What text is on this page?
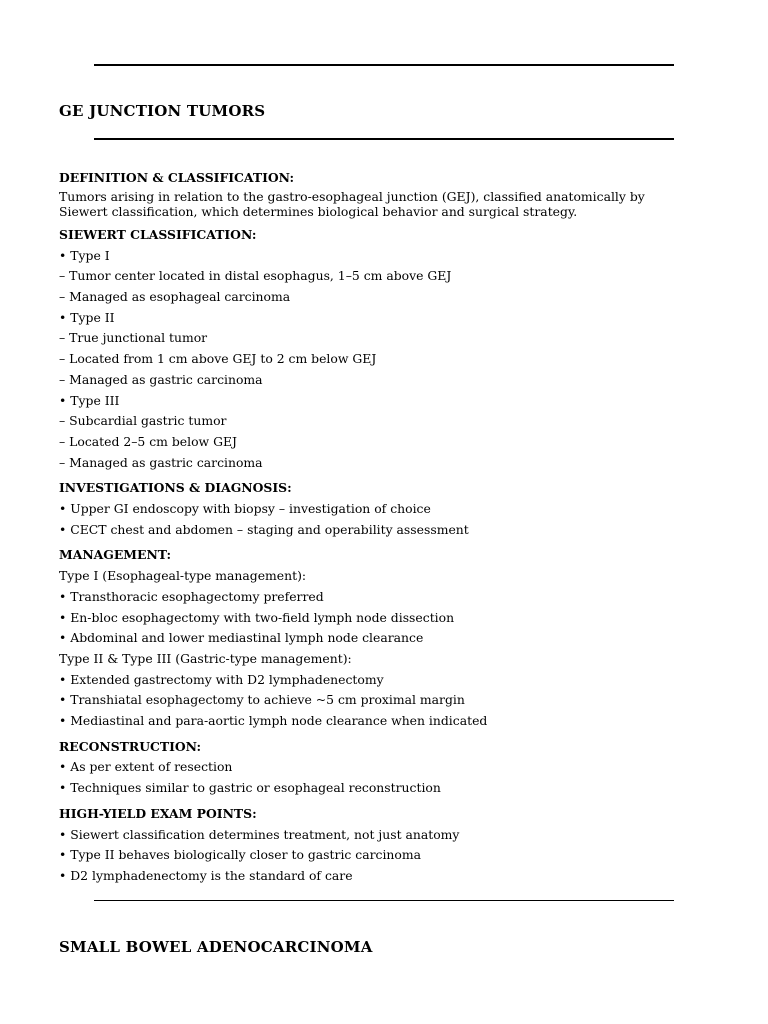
GE JUNCTION TUMORS
DEFINITION & CLASSIFICATION:
Tumors arising in relation to the gastro-esophageal junction (GEJ), classified anatomically by Siewert classification, which determines biological behavior and surgical strategy.
SIEWERT CLASSIFICATION:
• Type I
– Tumor center located in distal esophagus, 1–5 cm above GEJ
– Managed as esophageal carcinoma
• Type II
– True junctional tumor
– Located from 1 cm above GEJ to 2 cm below GEJ
– Managed as gastric carcinoma
• Type III
– Subcardial gastric tumor
– Located 2–5 cm below GEJ
– Managed as gastric carcinoma
INVESTIGATIONS & DIAGNOSIS:
• Upper GI endoscopy with biopsy – investigation of choice
• CECT chest and abdomen – staging and operability assessment
MANAGEMENT:
Type I (Esophageal-type management):
• Transthoracic esophagectomy preferred
• En-bloc esophagectomy with two-field lymph node dissection
• Abdominal and lower mediastinal lymph node clearance
Type II & Type III (Gastric-type management):
• Extended gastrectomy with D2 lymphadenectomy
• Transhiatal esophagectomy to achieve ~5 cm proximal margin
• Mediastinal and para-aortic lymph node clearance when indicated
RECONSTRUCTION:
• As per extent of resection
• Techniques similar to gastric or esophageal reconstruction
HIGH-YIELD EXAM POINTS:
• Siewert classification determines treatment, not just anatomy
• Type II behaves biologically closer to gastric carcinoma
• D2 lymphadenectomy is the standard of care
SMALL BOWEL ADENOCARCINOMA
